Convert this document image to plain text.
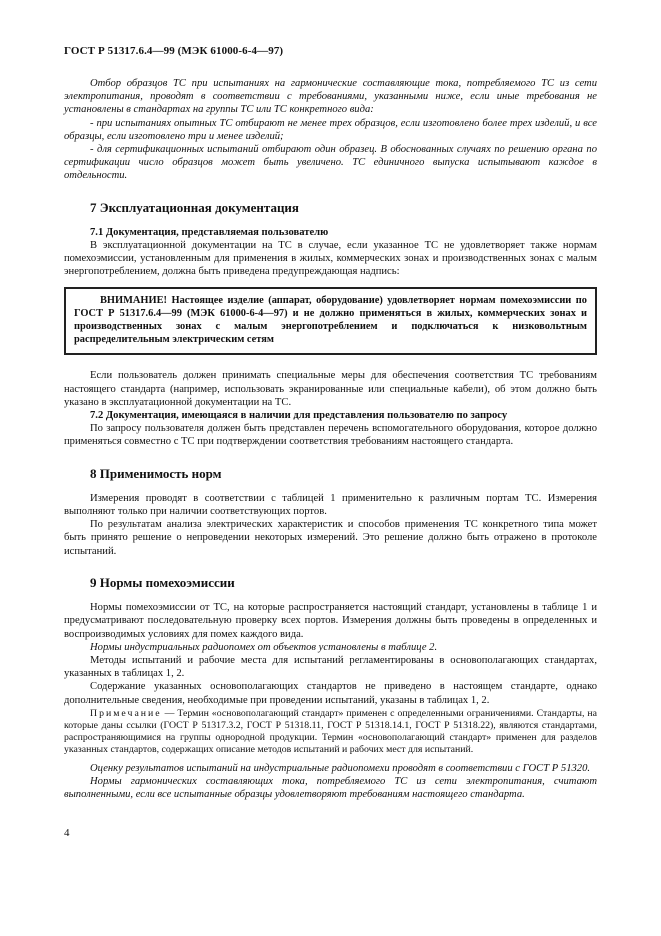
ГОСТ Р 51317.6.4—99 (МЭК 61000-6-4—97)

Отбор образцов ТС при испытаниях на гармонические составляющие тока, потребляемого ТС из сети электропитания, проводят в соответствии с требованиями, указанными ниже, если иные требования не установлены в стандартах на группы ТС или ТС конкретного вида:

- при испытаниях опытных ТС отбирают не менее трех образцов, если изготовлено более трех изделий, и все образцы, если изготовлено три и менее изделий;

- для сертификационных испытаний отбирают один образец. В обоснованных случаях по решению органа по сертификации число образцов может быть увеличено. ТС единичного выпуска испытывают каждое в отдельности.

7 Эксплуатационная документация

7.1 Документация, представляемая пользователю

В эксплуатационной документации на ТС в случае, если указанное ТС не удовлетворяет также нормам помехоэмиссии, установленным для применения в жилых, коммерческих зонах и производственных зонах с малым энергопотреблением, должна быть приведена предупреждающая надпись:

ВНИМАНИЕ! Настоящее изделие (аппарат, оборудование) удовлетворяет нормам помехоэмиссии по ГОСТ Р 51317.6.4—99 (МЭК 61000-6-4—97) и не должно применяться в жилых, коммерческих зонах и производственных зонах с малым энергопотреблением и подключаться к низковольтным распределительным электрическим сетям

Если пользователь должен принимать специальные меры для обеспечения соответствия ТС требованиям настоящего стандарта (например, использовать экранированные или специальные кабели), об этом должно быть указано в эксплуатационной документации на ТС.

7.2 Документация, имеющаяся в наличии для представления пользователю по запросу

По запросу пользователя должен быть представлен перечень вспомогательного оборудования, которое должно применяться совместно с ТС при подтверждении соответствия требованиям настоящего стандарта.

8 Применимость норм

Измерения проводят в соответствии с таблицей 1 применительно к различным портам ТС. Измерения выполняют только при наличии соответствующих портов.

По результатам анализа электрических характеристик и способов применения ТС конкретного типа может быть принято решение о непроведении некоторых измерений. Это решение должно быть отражено в протоколе испытаний.

9 Нормы помехоэмиссии

Нормы помехоэмиссии от ТС, на которые распространяется настоящий стандарт, установлены в таблице 1 и предусматривают последовательную проверку всех портов. Измерения должны быть проведены в определенных и воспроизводимых условиях для помех каждого вида.

Нормы индустриальных радиопомех от объектов установлены в таблице 2.

Методы испытаний и рабочие места для испытаний регламентированы в основополагающих стандартах, указанных в таблицах 1, 2.

Содержание указанных основополагающих стандартов не приведено в настоящем стандарте, однако дополнительные сведения, необходимые при проведении испытаний, указаны в таблицах 1, 2.

Примечание — Термин «основополагающий стандарт» применен с определенными ограничениями. Стандарты, на которые даны ссылки (ГОСТ Р 51317.3.2, ГОСТ Р 51318.11, ГОСТ Р 51318.14.1, ГОСТ Р 51318.22), являются стандартами, распространяющимися на группы однородной продукции. Термин «основополагающий стандарт» применен для разделов указанных стандартов, содержащих описание методов испытаний и рабочих мест для испытаний.

Оценку результатов испытаний на индустриальные радиопомехи проводят в соответствии с ГОСТ Р 51320.

Нормы гармонических составляющих тока, потребляемого ТС из сети электропитания, считают выполненными, если все испытанные образцы удовлетворяют требованиям настоящего стандарта.

4
